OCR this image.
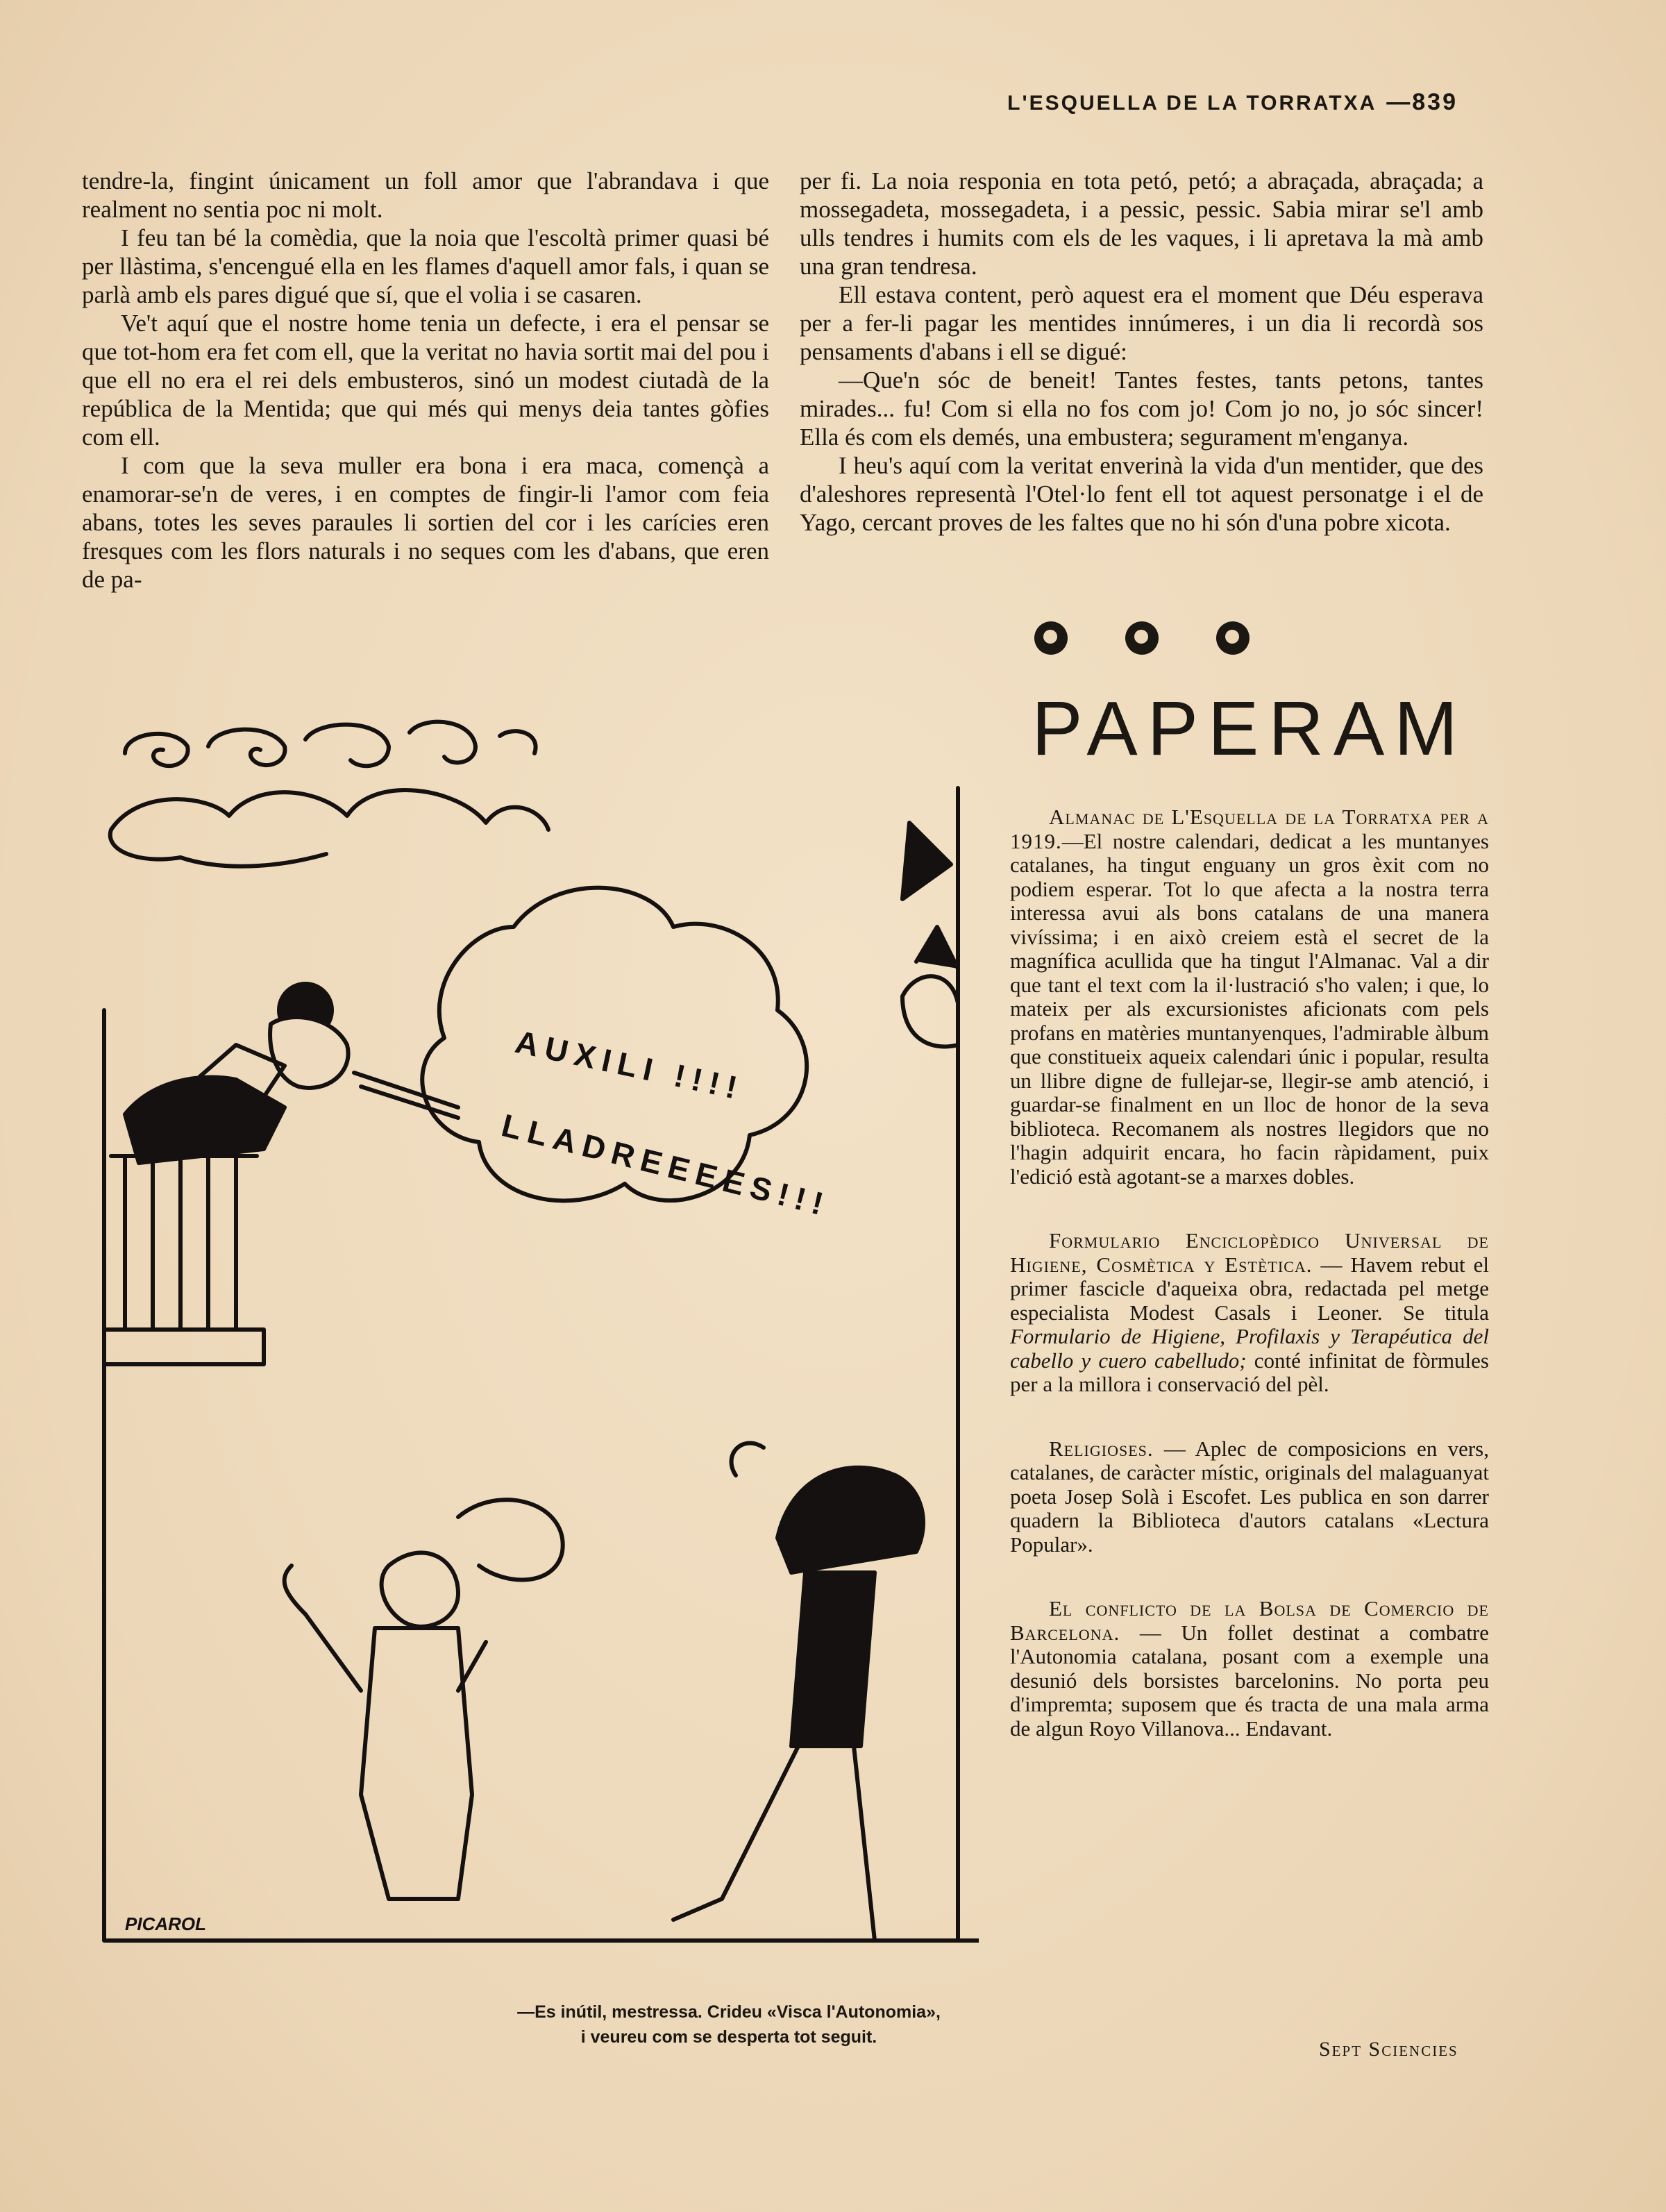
L'ESQUELLA DE LA TORRATXA —839

tendre-la, fingint únicament un foll amor que l'abrandava i que realment no sentia poc ni molt.

I feu tan bé la comèdia, que la noia que l'escoltà primer quasi bé per llàstima, s'encengué ella en les flames d'aquell amor fals, i quan se parlà amb els pares digué que sí, que el volia i se casaren.

Ve't aquí que el nostre home tenia un defecte, i era el pensar se que tot-hom era fet com ell, que la veritat no havia sortit mai del pou i que ell no era el rei dels embusteros, sinó un modest ciutadà de la república de la Mentida; que qui més qui menys deia tantes gòfies com ell.

I com que la seva muller era bona i era maca, començà a enamorar-se'n de veres, i en comptes de fingir-li l'amor com feia abans, totes les seves paraules li sortien del cor i les carícies eren fresques com les flors naturals i no seques com les d'abans, que eren de pa-

per fi. La noia responia en tota petó, petó; a abraçada, abraçada; a mossegadeta, mossegadeta, i a pessic, pessic. Sabia mirar se'l amb ulls tendres i humits com els de les vaques, i li apretava la mà amb una gran tendresa.

Ell estava content, però aquest era el moment que Déu esperava per a fer-li pagar les mentides innúmeres, i un dia li recordà sos pensaments d'abans i ell se digué:

—Que'n sóc de beneit! Tantes festes, tants petons, tantes mirades... fu! Com si ella no fos com jo! Com jo no, jo sóc sincer! Ella és com els demés, una embustera; segurament m'enganya.

I heu's aquí com la veritat enverinà la vida d'un mentider, que des d'aleshores representà l'Otel·lo fent ell tot aquest personatge i el de Yago, cercant proves de les faltes que no hi són d'una pobre xicota.

PAPERAM
Almanac de L'Esquella de la Torratxa per a 1919.—El nostre calendari, dedicat a les muntanyes catalanes, ha tingut enguany un gros èxit com no podiem esperar. Tot lo que afecta a la nostra terra interessa avui als bons catalans de una manera vivíssima; i en això creiem està el secret de la magnífica acullida que ha tingut l'Almanac. Val a dir que tant el text com la il·lustració s'ho valen; i que, lo mateix per als excursionistes aficionats com pels profans en matèries muntanyenques, l'admirable àlbum que constitueix aqueix calendari únic i popular, resulta un llibre digne de fullejar-se, llegir-se amb atenció, i guardar-se finalment en un lloc de honor de la seva biblioteca. Recomanem als nostres llegidors que no l'hagin adquirit encara, ho facin ràpidament, puix l'edició està agotant-se a marxes dobles.
Formulario Enciclopèdico Universal de Higiene, Cosmètica y Estètica. — Havem rebut el primer fascicle d'aqueixa obra, redactada pel metge especialista Modest Casals i Leoner. Se titula Formulario de Higiene, Profilaxis y Terapéutica del cabello y cuero cabelludo; conté infinitat de fòrmules per a la millora i conservació del pèl.
Religioses. — Aplec de composicions en vers, catalanes, de caràcter místic, originals del malaguanyat poeta Josep Solà i Escofet. Les publica en son darrer quadern la Biblioteca d'autors catalans «Lectura Popular».
El conflicto de la Bolsa de Comercio de Barcelona. — Un follet destinat a combatre l'Autonomia catalana, posant com a exemple una desunió dels borsistes barcelonins. No porta peu d'impremta; suposem que és tracta de una mala arma de algun Royo Villanova... Endavant.
Sept Sciencies
AUXILI !!!!
LLADREEEES!!!
PICAROL
—Es inútil, mestressa. Crideu «Visca l'Autonomia»,
i veureu com se desperta tot seguit.
